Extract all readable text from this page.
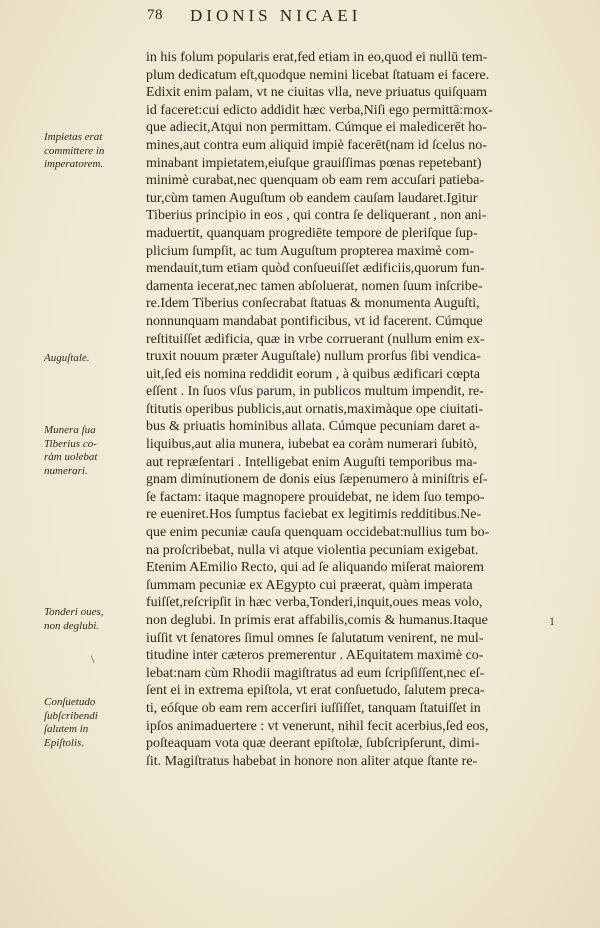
78 DIONIS NICAEI
in his folum popularis erat,fed etiam in eo,quod ei nullū tem-
plum dedicatum eſt,quodque nemini licebat ſtatuam ei facere.
Edixit enim palam, vt ne ciuitas vlla, neve priuatus quiſquam
id faceret:cui edicto addidit hæc verba,Niſi ego permittā:mox-
que adiecit,Atqui non permittam. Cúmque ei maledicerēt ho-
mines,aut contra eum aliquid impiè facerēt(nam id ſcelus no-
minabant impietatem,eiuſque grauiſſimas pœnas repetebant)
minimè curabat,nec quenquam ob eam rem accuſari patieba-
tur,cùm tamen Auguſtum ob eandem cauſam laudaret.Igitur
Tiberius principio in eos , qui contra ſe deliquerant , non ani-
maduertit, quanquam progrediēte tempore de pleriſque ſup-
plicium ſumpſit, ac tum Auguſtum propterea maximè com-
mendauit,tum etiam quòd conſueuiſſet ædificiis,quorum fun-
damenta iecerat,nec tamen abſoluerat, nomen ſuum inſcribe-
re.Idem Tiberius conſecrabat ſtatuas & monumenta Auguſti,
nonnunquam mandabat pontificibus, vt id facerent. Cúmque
reſtituiſſet ædificia, quæ in vrbe corruerant (nullum enim ex-
truxit nouum præter Auguſtale) nullum prorſus ſibi vendica-
uit,ſed eis nomina reddidit eorum , à quibus ædificari cœpta
eſſent . In ſuos vſus parum, in publicos multum impendit, re-
ſtitutis operibus publicis,aut ornatis,maximàque ope ciuitati-
bus & priuatis hominibus allata. Cúmque pecuniam daret a-
liquibus,aut alia munera, iubebat ea coràm numerari ſubitò,
aut repræſentari . Intelligebat enim Auguſti temporibus ma-
gnam diminutionem de donis eius ſæpenumero à miniſtris eſ-
ſe factam: itaque magnopere prouidebat, ne idem ſuo tempo-
re eueniret.Hos ſumptus faciebat ex legitimis redditibus.Ne-
que enim pecuniæ cauſa quenquam occidebat:nullius tum bo-
na proſcribebat, nulla vi atque violentia pecuniam exigebat.
Etenim AEmilio Recto, qui ad ſe aliquando miſerat maiorem
ſummam pecuniæ ex AEgypto cui præerat, quàm imperata
fuiſſet,reſcripſit in hæc verba,Tonderi,inquit,oues meas volo,
non deglubi. In primis erat affabilis,comis & humanus.Itaque
iuſſit vt ſenatores ſimul omnes ſe ſalutatum venirent, ne mul-
titudine inter cæteros premerentur . AEquitatem maximè co-
lebat:nam cùm Rhodii magiſtratus ad eum ſcripſiſſent,nec eſ-
ſent ei in extrema epiſtola, vt erat conſuetudo, ſalutem preca-
ti, eóſque ob eam rem accerſiri iuſſiſſet, tanquam ſtatuiſſet in
ipſos animaduertere : vt venerunt, nihil fecit acerbius,ſed eos,
poſteaquam vota quæ deerant epiſtolæ, ſubſcripſerunt, dimi-
ſit. Magiſtratus habebat in honore non aliter atque ſtante re-
Impietas erat
committere in
imperatorem.
Auguſtale.
Munera ſua
Tiberius co-
ràm uolebat
numerari.
Tonderi oues,
non deglubi.
Conſuetudo
ſubſcribendi
ſalutem in
Epiſtolis.
1
\
